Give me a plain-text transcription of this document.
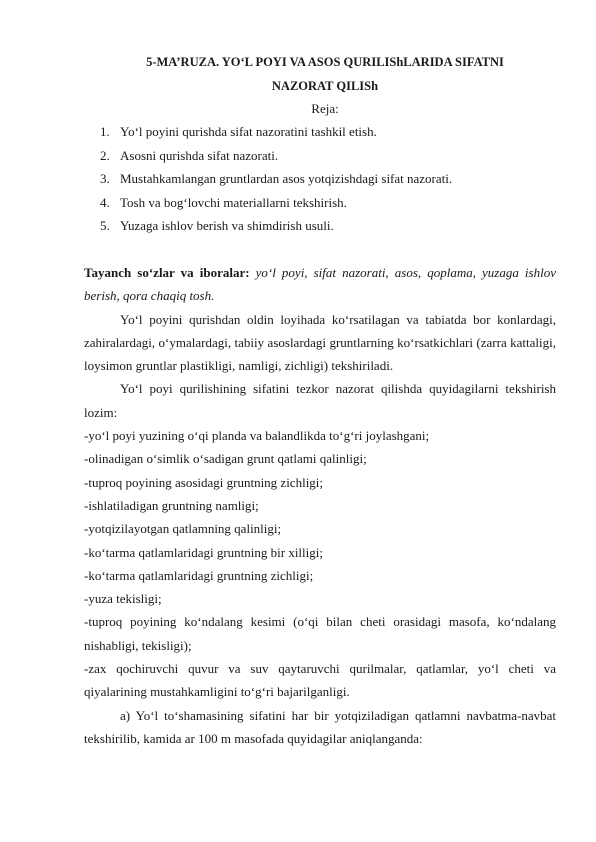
5-MA’RUZA. YO‘L POYI VA ASOS QURILIShLARIDA SIFATNI

NAZORAT QILISh

Reja:

1. Yo‘l poyini qurishda sifat nazoratini tashkil etish.
2. Asosni qurishda sifat nazorati.
3. Mustahkamlangan gruntlardan asos yotqizishdagi sifat nazorati.
4. Tosh va bog‘lovchi materiallarni tekshirish.
5. Yuzaga ishlov berish va shimdirish usuli.

Tayanch so‘zlar va iboralar: yo‘l poyi, sifat nazorati, asos, qoplama, yuzaga ishlov berish, qora chaqiq tosh.

Yo‘l poyini qurishdan oldin loyihada ko‘rsatilagan va tabiatda bor konlardagi, zahiralardagi, o‘ymalardagi, tabiiy asoslardagi gruntlarning ko‘rsatkichlari (zarra kattaligi, loysimon gruntlar plastikligi, namligi, zichligi) tekshiriladi.

Yo‘l poyi qurilishining sifatini tezkor nazorat qilishda quyidagilarni tekshirish lozim:

-yo‘l poyi yuzining o‘qi planda va balandlikda to‘g‘ri joylashgani;

-olinadigan o‘simlik o‘sadigan grunt qatlami qalinligi;

-tuproq poyining asosidagi gruntning zichligi;

-ishlatiladigan gruntning namligi;

-yotqizilayotgan qatlamning qalinligi;

-ko‘tarma qatlamlaridagi gruntning bir xilligi;

-ko‘tarma qatlamlaridagi gruntning zichligi;

-yuza tekisligi;

-tuproq poyining ko‘ndalang kesimi (o‘qi bilan cheti orasidagi masofa, ko‘ndalang nishabligi, tekisligi);

-zax qochiruvchi quvur va suv qaytaruvchi qurilmalar, qatlamlar, yo‘l cheti va qiyalarining mustahkamligini to‘g‘ri bajarilganligi.

a) Yo‘l to‘shamasining sifatini har bir yotqiziladigan qatlamni navbatma-navbat tekshirilib, kamida ar 100 m masofada quyidagilar aniqlanganda:
